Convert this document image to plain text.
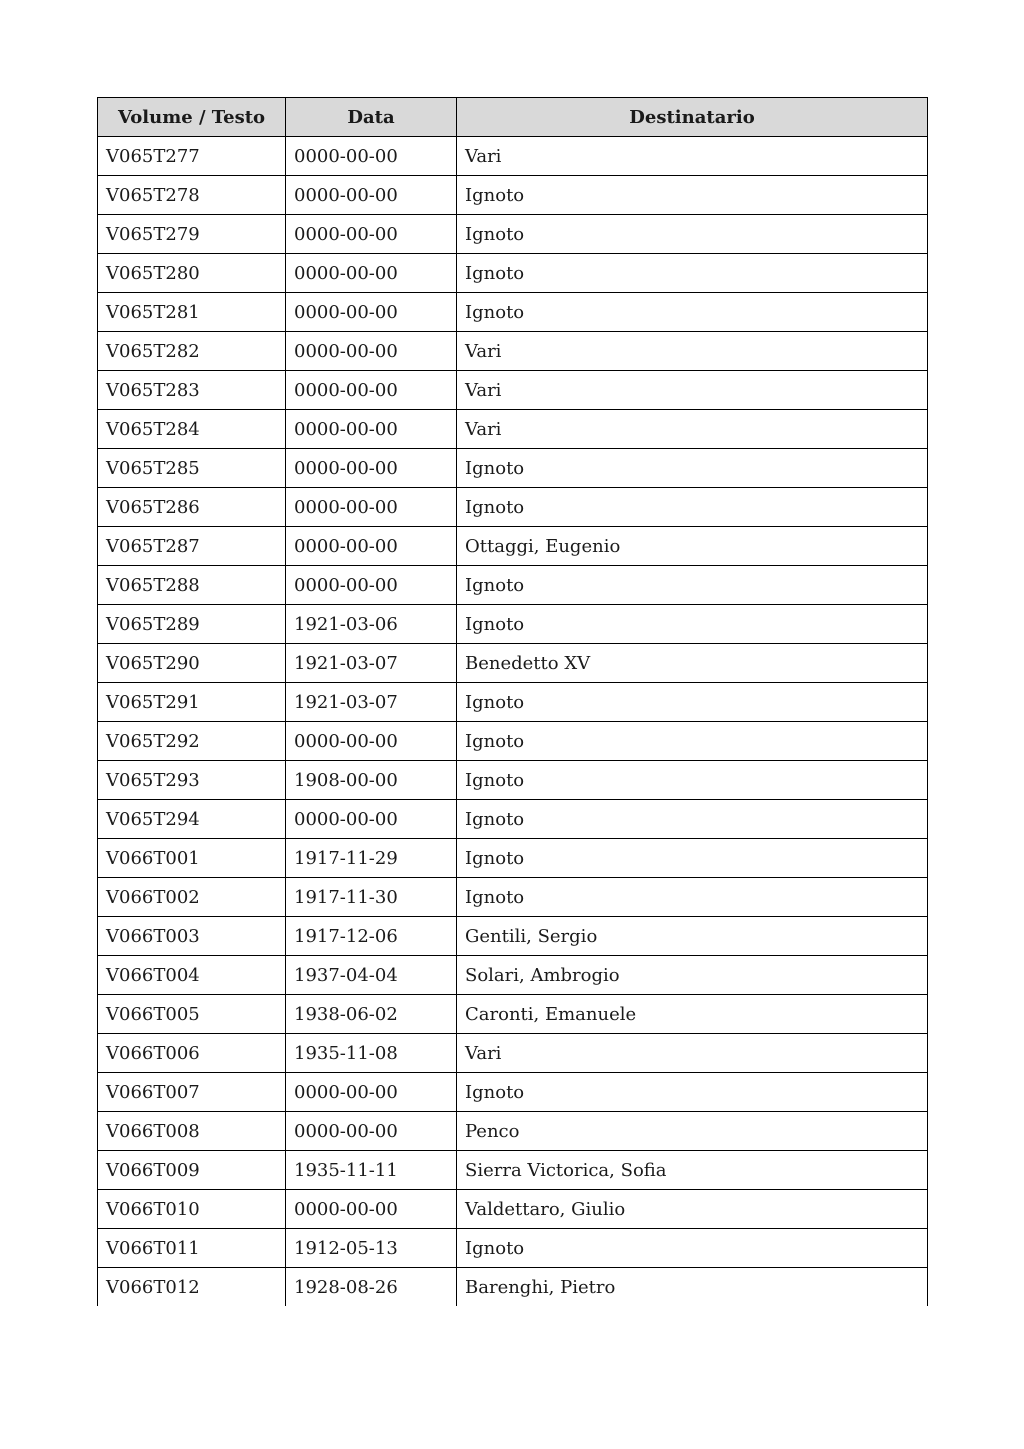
Volume / Testo	Data	Destinatario
V065T277	0000-00-00	Vari
V065T278	0000-00-00	Ignoto
V065T279	0000-00-00	Ignoto
V065T280	0000-00-00	Ignoto
V065T281	0000-00-00	Ignoto
V065T282	0000-00-00	Vari
V065T283	0000-00-00	Vari
V065T284	0000-00-00	Vari
V065T285	0000-00-00	Ignoto
V065T286	0000-00-00	Ignoto
V065T287	0000-00-00	Ottaggi, Eugenio
V065T288	0000-00-00	Ignoto
V065T289	1921-03-06	Ignoto
V065T290	1921-03-07	Benedetto XV
V065T291	1921-03-07	Ignoto
V065T292	0000-00-00	Ignoto
V065T293	1908-00-00	Ignoto
V065T294	0000-00-00	Ignoto
V066T001	1917-11-29	Ignoto
V066T002	1917-11-30	Ignoto
V066T003	1917-12-06	Gentili, Sergio
V066T004	1937-04-04	Solari, Ambrogio
V066T005	1938-06-02	Caronti, Emanuele
V066T006	1935-11-08	Vari
V066T007	0000-00-00	Ignoto
V066T008	0000-00-00	Penco
V066T009	1935-11-11	Sierra Victorica, Sofia
V066T010	0000-00-00	Valdettaro, Giulio
V066T011	1912-05-13	Ignoto
V066T012	1928-08-26	Barenghi, Pietro
